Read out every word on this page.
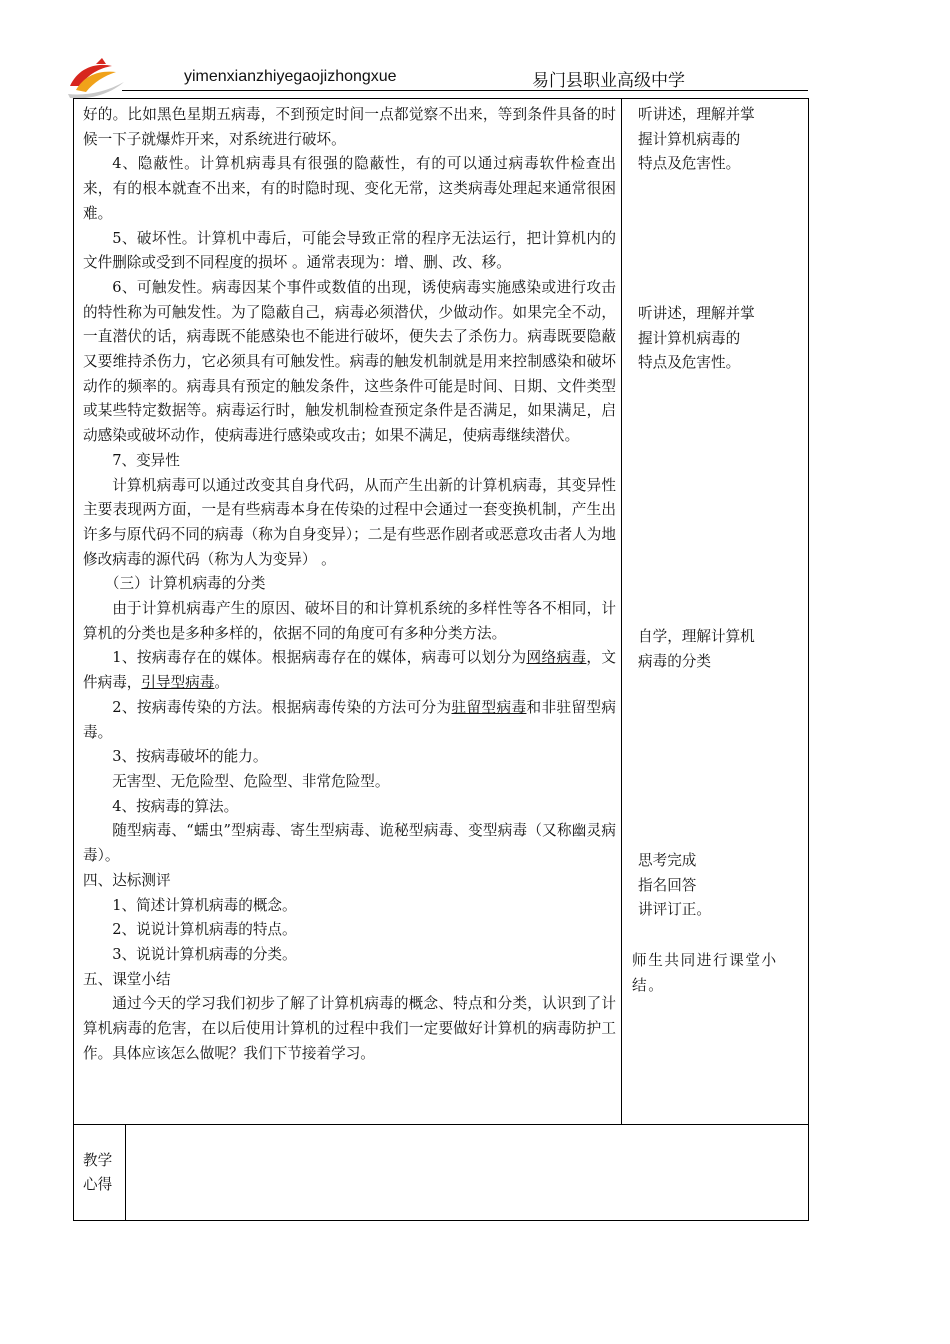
yimenxianzhiyegaojizhongxue	易门县职业高级中学

好的。比如黑色星期五病毒，不到预定时间一点都觉察不出来，等到条件具备的时候一下子就爆炸开来，对系统进行破坏。

4、隐蔽性。计算机病毒具有很强的隐蔽性，有的可以通过病毒软件检查出来，有的根本就查不出来，有的时隐时现、变化无常，这类病毒处理起来通常很困难。

5、破坏性。计算机中毒后，可能会导致正常的程序无法运行，把计算机内的文件删除或受到不同程度的损坏 。通常表现为：增、删、改、移。

6、可触发性。病毒因某个事件或数值的出现，诱使病毒实施感染或进行攻击的特性称为可触发性。为了隐蔽自己，病毒必须潜伏，少做动作。如果完全不动，一直潜伏的话，病毒既不能感染也不能进行破坏，便失去了杀伤力。病毒既要隐蔽又要维持杀伤力，它必须具有可触发性。病毒的触发机制就是用来控制感染和破坏动作的频率的。病毒具有预定的触发条件，这些条件可能是时间、日期、文件类型或某些特定数据等。病毒运行时，触发机制检查预定条件是否满足，如果满足，启动感染或破坏动作，使病毒进行感染或攻击；如果不满足，使病毒继续潜伏。

7、变异性

计算机病毒可以通过改变其自身代码，从而产生出新的计算机病毒，其变异性主要表现两方面，一是有些病毒本身在传染的过程中会通过一套变换机制，产生出许多与原代码不同的病毒（称为自身变异）；二是有些恶作剧者或恶意攻击者人为地修改病毒的源代码（称为人为变异） 。

（三）计算机病毒的分类

由于计算机病毒产生的原因、破坏目的和计算机系统的多样性等各不相同，计算机的分类也是多种多样的，依据不同的角度可有多种分类方法。

1、按病毒存在的媒体。根据病毒存在的媒体，病毒可以划分为网络病毒，文件病毒，引导型病毒。

2、按病毒传染的方法。根据病毒传染的方法可分为驻留型病毒和非驻留型病毒。

3、按病毒破坏的能力。

无害型、无危险型、危险型、非常危险型。

4、按病毒的算法。

随型病毒、“蠕虫”型病毒、寄生型病毒、诡秘型病毒、变型病毒（又称幽灵病毒）。

四、达标测评

1、简述计算机病毒的概念。

2、说说计算机病毒的特点。

3、说说计算机病毒的分类。

五、课堂小结

通过今天的学习我们初步了解了计算机病毒的概念、特点和分类，认识到了计算机病毒的危害，在以后使用计算机的过程中我们一定要做好计算机的病毒防护工作。具体应该怎么做呢？我们下节接着学习。

听讲述，理解并掌

握计算机病毒的

特点及危害性。

听讲述，理解并掌

握计算机病毒的

特点及危害性。

自学，理解计算机

病毒的分类

思考完成

指名回答

讲评订正。

师生共同进行课堂小

结。

教学心得
